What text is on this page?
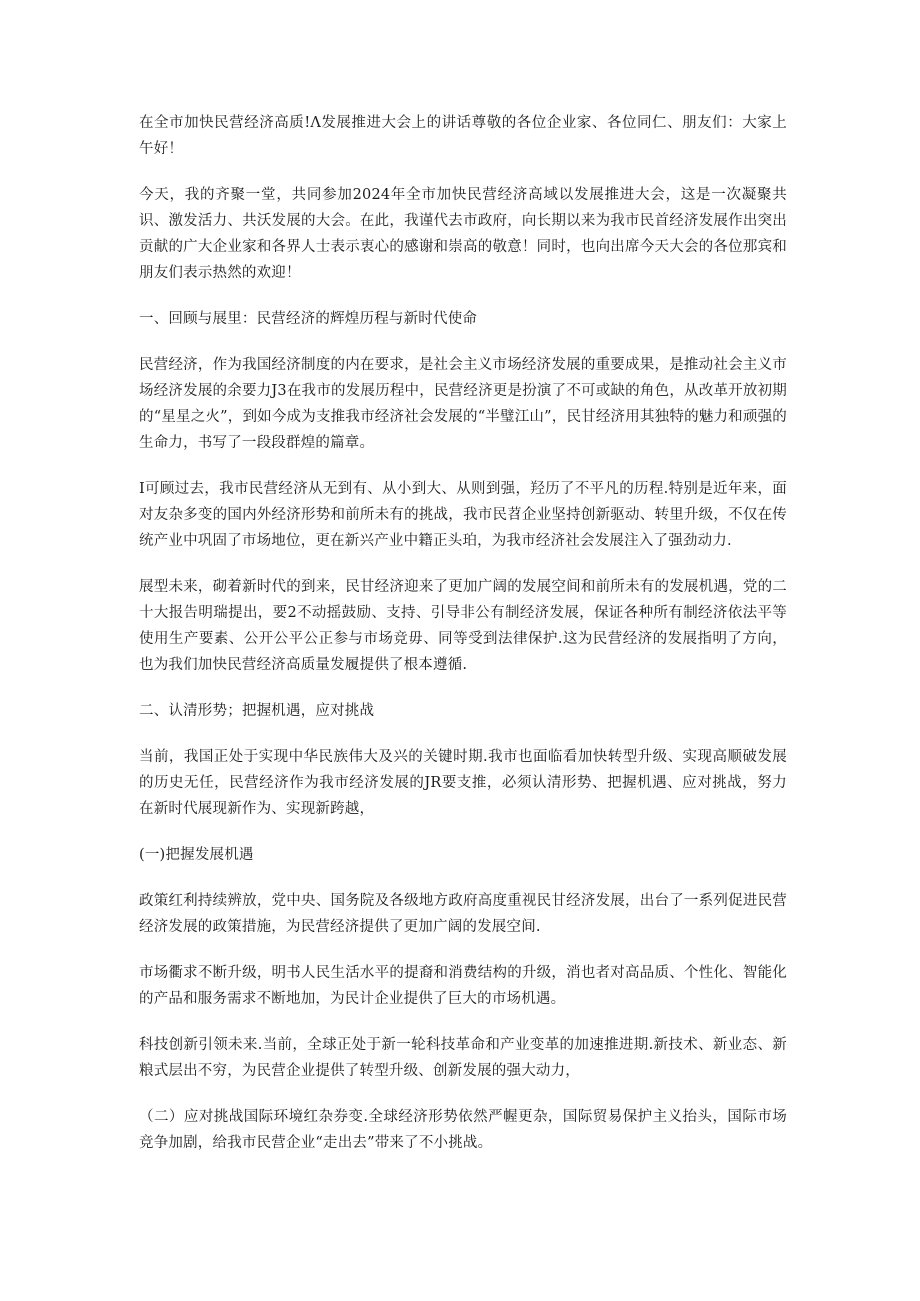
在全市加快民营经济高质!Λ发展推进大会上的讲话尊敬的各位企业家、各位同仁、朋友们：大家上午好！

今天，我的齐聚一堂，共同参加2024年全市加快民营经济高域以发展推进大会，这是一次凝聚共识、激发活力、共沃发展的大会。在此，我谨代去市政府，向长期以来为我市民首经济发展作出突出贡献的广大企业家和各界人士表示衷心的感谢和崇高的敬意！同时，也向出席今天大会的各位那宾和朋友们表示热然的欢迎！

一、回顾与展里：民营经济的辉煌历程与新时代使命

民营经济，作为我国经济制度的内在要求，是社会主义市场经济发展的重要成果，是推动社会主义市场经济发展的余要力J3在我市的发展历程中，民营经济更是扮演了不可或缺的角色，从改革开放初期的“星星之火”，到如今成为支推我市经济社会发展的“半璧江山”，民甘经济用其独特的魅力和顽强的生命力，书写了一段段群煌的篇章。

I可顾过去，我市民营经济从无到有、从小到大、从则到强，羟历了不平凡的历程.特别是近年来，面对友杂多变的国内外经济形势和前所未有的挑战，我市民苕企业坚持创新驱动、转里升级，不仅在传统产业中巩固了市场地位，更在新兴产业中籍正头珀，为我市经济社会发展注入了强劲动力.

展型未来，砌着新时代的到来，民甘经济迎来了更加广阔的发展空间和前所未有的发展机遇，党的二十大报告明瑞提出，要2不动摇鼓励、支持、引导非公有制经济发展，保证各种所有制经济依法平等使用生产要素、公开公平公正参与市场竞毋、同等受到法律保护.这为民营经济的发展指明了方向，也为我们加快民营经济高质量发履提供了根本遵循.

二、认清形势；把握机遇，应对挑战

当前，我国正处于实现中华民族伟大及兴的关键时期.我市也面临看加快转型升级、实现高顺破发展的历史无任，民营经济作为我市经济发展的JR要支推，必须认清形势、把握机遇、应对挑战，努力在新时代展现新作为、实现新跨越，

(一)把握发展机遇

政策红利持续辨放，党中央、国务院及各级地方政府高度重视民甘经济发展，出台了一系列促进民营经济发展的政策措施，为民营经济提供了更加广阔的发展空间.

市场衢求不断升级，明书人民生活水平的提裔和消费结构的升级，消也者对高品质、个性化、智能化的产品和服务需求不断地加，为民计企业提供了巨大的市场机遇。

科技创新引领未来.当前，全球正处于新一轮科技革命和产业变革的加速推进期.新技术、新业态、新粮式层出不穷，为民营企业提供了转型升级、创新发展的强大动力，

（二）应对挑战国际环境红杂券变.全球经济形势依然严幄更杂，国际贸易保护主义抬头，国际市场竞争加剧，给我市民营企业“走出去”带来了不小挑战。
